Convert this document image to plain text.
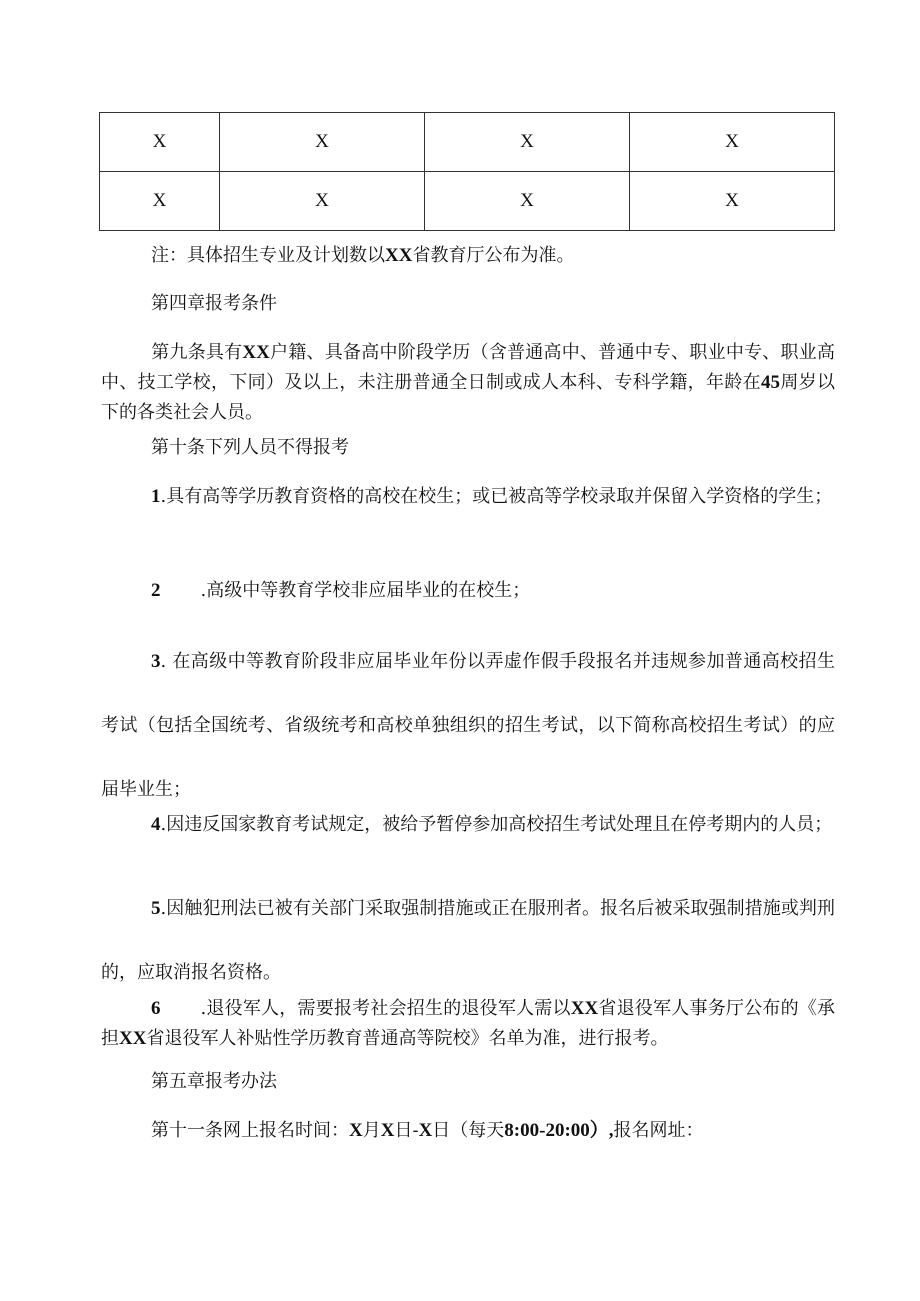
X	X	X	X
X	X	X	X

注：具体招生专业及计划数以XX省教育厅公布为准。

第四章报考条件

第九条具有XX户籍、具备高中阶段学历（含普通高中、普通中专、职业中专、职业高中、技工学校，下同）及以上，未注册普通全日制或成人本科、专科学籍，年龄在45周岁以下的各类社会人员。

第十条下列人员不得报考

1.具有高等学历教育资格的高校在校生；或已被高等学校录取并保留入学资格的学生；

2 .高级中等教育学校非应届毕业的在校生；

3. 在高级中等教育阶段非应届毕业年份以弄虚作假手段报名并违规参加普通高校招生考试（包括全国统考、省级统考和高校单独组织的招生考试，以下简称高校招生考试）的应届毕业生；

4.因违反国家教育考试规定，被给予暂停参加高校招生考试处理且在停考期内的人员；

5.因触犯刑法已被有关部门采取强制措施或正在服刑者。报名后被采取强制措施或判刑的，应取消报名资格。

6 .退役军人，需要报考社会招生的退役军人需以XX省退役军人事务厅公布的《承担XX省退役军人补贴性学历教育普通高等院校》名单为准，进行报考。

第五章报考办法

第十一条网上报名时间：X月X日-X日（每天8:00-20:00）,报名网址：
